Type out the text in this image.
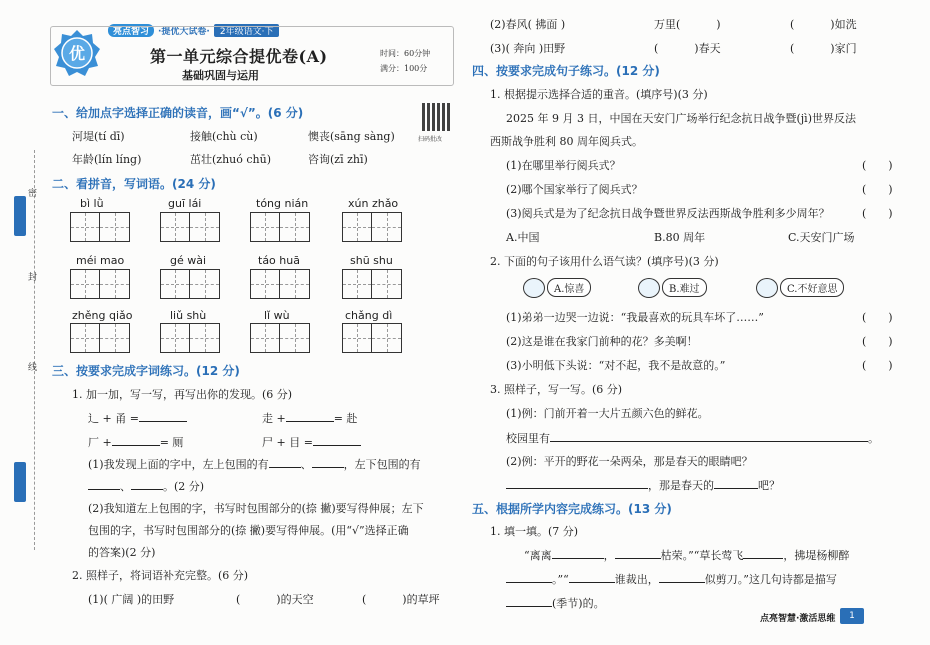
密
封
线
亮点智习	·提优大试卷·	2年级语文·下
优	第一单元综合提优卷(A)
基础巩固与运用
时间：60分钟
满分：100分
扫码批改
一、给加点字选择正确的读音，画“√”。(6 分)
河堤(tí dī)	接触(chù cù)	懊丧(sāng sàng)
年龄(lín líng)	茁壮(zhuó chū)	咨询(zī zhī)
二、看拼音，写词语。(24 分)
bì lǜ	guī lái	tóng nián	xún zhǎo
méi mao	gé wài	táo huā	shū shu
zhěng qiǎo	liǔ shù	lǐ wù	chǎng dì
三、按要求完成字词练习。(12 分)
1. 加一加，写一写，再写出你的发现。(6 分)
辶 + 甬 =	走 +	= 赴
厂 +	= 厕	尸 + 目 =
(1)我发现上面的字中，左上包围的有	、	，左下包围的有
、	。(2 分)
(2)我知道左上包围的字，书写时包围部分的(捺 撇)要写得伸展；左下
包围的字，书写时包围部分的(捺 撇)要写得伸展。(用“√”选择正确
的答案)(2 分)
2. 照样子，将词语补充完整。(6 分)
(1)( 广阔 )的田野	(	)的天空	(	)的草坪
(2)春风( 拂面 )	万里(	)	(	)如洗
(3)( 奔向 )田野	(	)春天	(	)家门
四、按要求完成句子练习。(12 分)
1. 根据提示选择合适的重音。(填序号)(3 分)
2025 年 9 月 3 日，中国在天安门广场举行纪念抗日战争暨(jì)世界反法
西斯战争胜利 80 周年阅兵式。
(1)在哪里举行阅兵式？	(　　)
(2)哪个国家举行了阅兵式？	(　　)
(3)阅兵式是为了纪念抗日战争暨世界反法西斯战争胜利多少周年？	(　　)
A.中国	B.80 周年	C.天安门广场
2. 下面的句子该用什么语气读？(填序号)(3 分)
A.惊喜	B.难过	C.不好意思
(1)弟弟一边哭一边说：“我最喜欢的玩具车坏了……”	(　　)
(2)这是谁在我家门前种的花？多美啊！	(　　)
(3)小明低下头说：“对不起，我不是故意的。”	(　　)
3. 照样子，写一写。(6 分)
(1)例：门前开着一大片五颜六色的鲜花。
校园里有	。
(2)例：平开的野花一朵两朵，那是春天的眼睛吧？
，那是春天的	吧？
五、根据所学内容完成练习。(13 分)
1. 填一填。(7 分)
“离离	，	枯荣。”“草长莺飞	，拂堤杨柳醉
。”“	谁裁出，	似剪刀。”这几句诗都是描写
(季节)的。
点亮智慧·激活思维	1
